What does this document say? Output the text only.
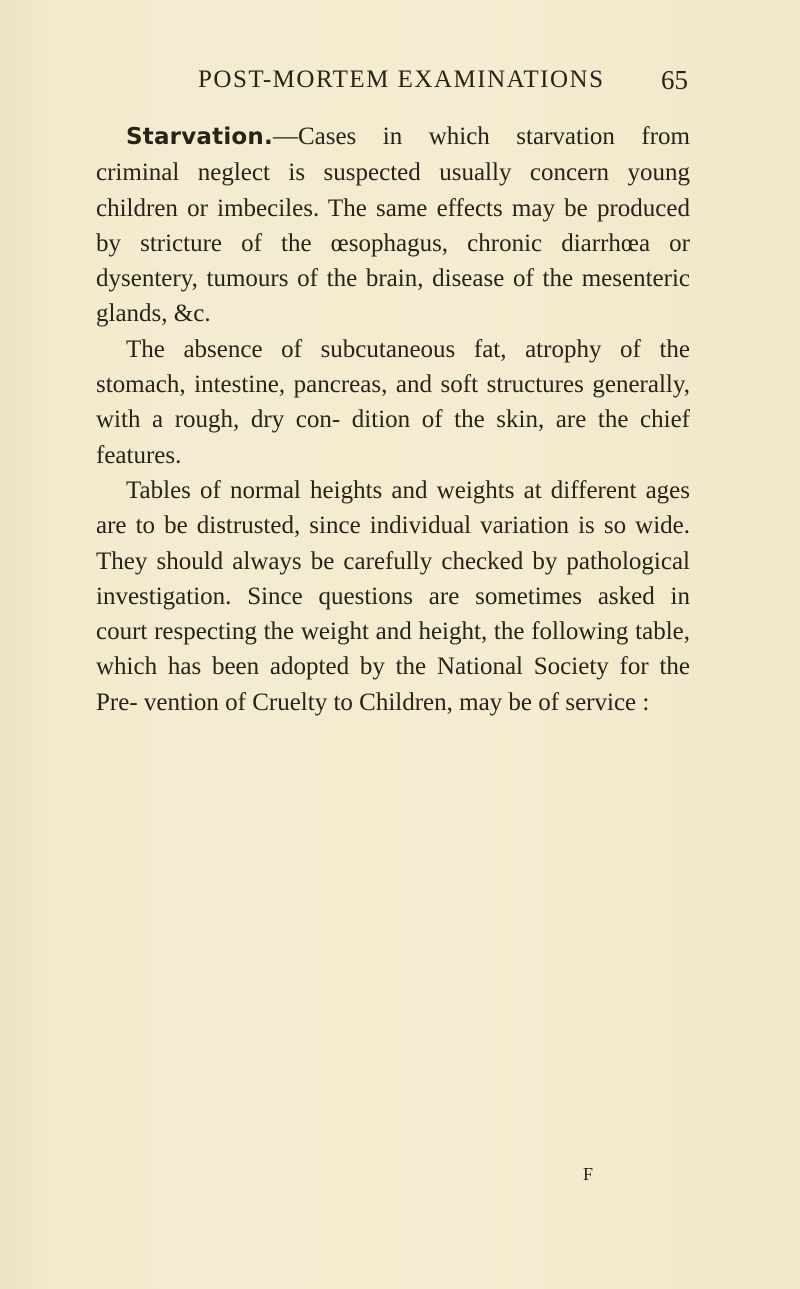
POST-MORTEM EXAMINATIONS 65

Starvation.—Cases in which starvation from criminal neglect is suspected usually concern young children or imbeciles. The same effects may be produced by stricture of the œsophagus, chronic diarrhœa or dysentery, tumours of the brain, disease of the mesenteric glands, &c.

The absence of subcutaneous fat, atrophy of the stomach, intestine, pancreas, and soft structures generally, with a rough, dry con- dition of the skin, are the chief features.

Tables of normal heights and weights at different ages are to be distrusted, since individual variation is so wide. They should always be carefully checked by pathological investigation. Since questions are sometimes asked in court respecting the weight and height, the following table, which has been adopted by the National Society for the Pre- vention of Cruelty to Children, may be of service :

F
